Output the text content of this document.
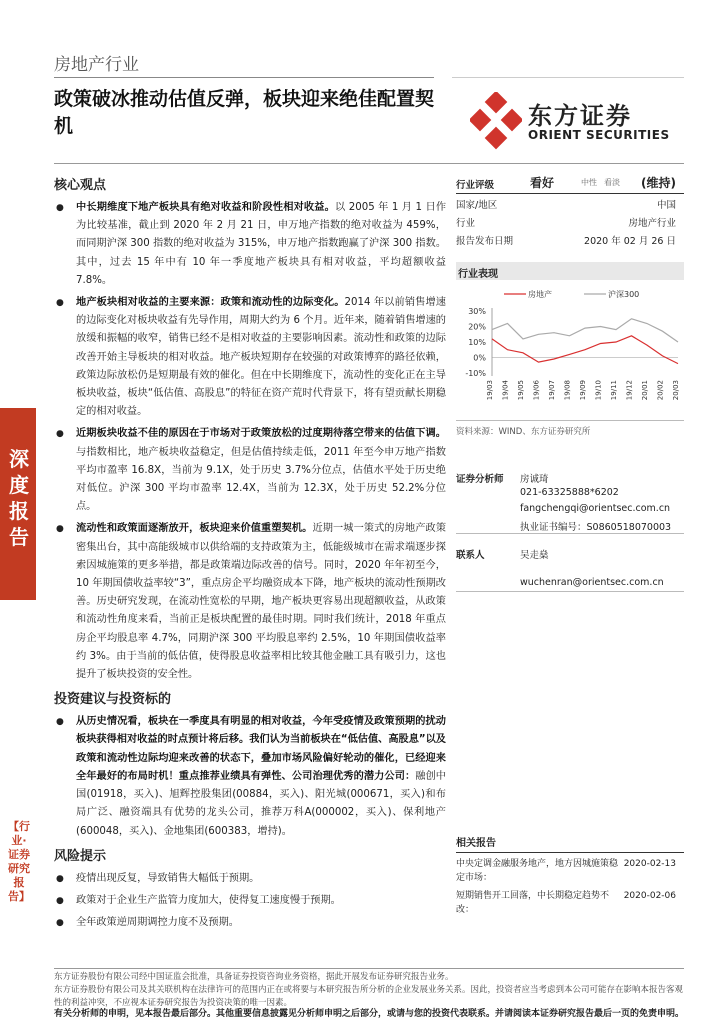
房地产行业
政策破冰推动估值反弹，板块迎来绝佳配置契机	东方证券
ORIENT SECURITIES
深度报告
【行业·证券研究报告】
核心观点
● 中长期维度下地产板块具有绝对收益和阶段性相对收益。以 2005 年 1 月 1 日作为比较基准，截止到 2020 年 2 月 21 日，申万地产指数的绝对收益为 459%，而同期沪深 300 指数的绝对收益为 315%，申万地产指数跑赢了沪深 300 指数。其中，过去 15 年中有 10 年一季度地产板块具有相对收益，平均超额收益 7.8%。
● 地产板块相对收益的主要来源：政策和流动性的边际变化。2014 年以前销售增速的边际变化对板块收益有先导作用，周期大约为 6 个月。近年来，随着销售增速的放缓和振幅的收窄，销售已经不是相对收益的主要影响因素。流动性和政策的边际改善开始主导板块的相对收益。地产板块短期存在较强的对政策博弈的路径依赖，政策边际放松仍是短期最有效的催化。但在中长期维度下，流动性的变化正在主导板块收益，板块“低估值、高股息”的特征在资产荒时代背景下，将有望贡献长期稳定的相对收益。
● 近期板块收益不佳的原因在于市场对于政策放松的过度期待落空带来的估值下调。与指数相比，地产板块收益稳定，但是估值持续走低，2011 年至今申万地产指数平均市盈率 16.8X，当前为 9.1X，处于历史 3.7%分位点，估值水平处于历史绝对低位。沪深 300 平均市盈率 12.4X，当前为 12.3X，处于历史 52.2%分位点。
● 流动性和政策面逐渐放开，板块迎来价值重塑契机。近期一城一策式的房地产政策密集出台，其中高能级城市以供给端的支持政策为主，低能级城市在需求端逐步探索因城施策的更多举措，都是政策端边际改善的信号。同时，2020 年年初至今，10 年期国债收益率较“3”，重点房企平均融资成本下降，地产板块的流动性预期改善。历史研究发现，在流动性宽松的早期，地产板块更容易出现超额收益，从政策和流动性角度来看，当前正是板块配置的最佳时期。同时我们统计，2018 年重点房企平均股息率 4.7%，同期沪深 300 平均股息率约 2.5%，10 年期国债收益率约 3%。由于当前的低估值，使得股息收益率相比较其他金融工具有吸引力，这也提升了板块投资的安全性。
投资建议与投资标的
● 从历史情况看，板块在一季度具有明显的相对收益，今年受疫情及政策预期的扰动板块获得相对收益的时点预计将后移。我们认为当前板块在“低估值、高股息”以及政策和流动性边际均迎来改善的状态下，叠加市场风险偏好轮动的催化，已经迎来全年最好的布局时机！重点推荐业绩具有弹性、公司治理优秀的潜力公司：融创中国(01918，买入)、旭辉控股集团(00884，买入)、阳光城(000671，买入)和布局广泛、融资端具有优势的龙头公司，推荐万科A(000002，买入)、保利地产(600048，买入)、金地集团(600383，增持)。
风险提示
● 疫情出现反复，导致销售大幅低于预期。
● 政策对于企业生产监管力度加大，使得复工速度慢于预期。
● 全年政策逆周期调控力度不及预期。
行业评级	看好	中性 看淡 (维持)
国家/地区	中国
行业	房地产行业
报告发布日期	2020 年 02 月 26 日
行业表现
房地产	沪深300
30%
20%
10%
0%
-10%
19/03 19/04 19/05 19/06 19/07 19/08 19/09 19/10 19/11 19/12 20/01 20/02 20/03
资料来源：WIND、东方证券研究所
证券分析师 房诚琦
021-63325888*6202
fangchengqi@orientsec.com.cn
执业证书编号：S0860518070003
联系人	吴走燊
wuchenran@orientsec.com.cn
相关报告
中央定调金融服务地产，地方因城施策稳定市场：
2020-02-13
短期销售开工回落，中长期稳定趋势不改：
2020-02-06
东方证券股份有限公司经中国证监会批准，具备证券投资咨询业务资格，据此开展发布证券研究报告业务。
东方证券股份有限公司及其关联机构在法律许可的范围内正在或将要与本研究报告所分析的企业发展业务关系。因此，投资者应当考虑到本公司可能存在影响本报告客观性的利益冲突，不应视本证券研究报告为投资决策的唯一因素。
有关分析师的申明，见本报告最后部分。其他重要信息披露见分析师申明之后部分，或请与您的投资代表联系。并请阅读本证券研究报告最后一页的免责申明。
